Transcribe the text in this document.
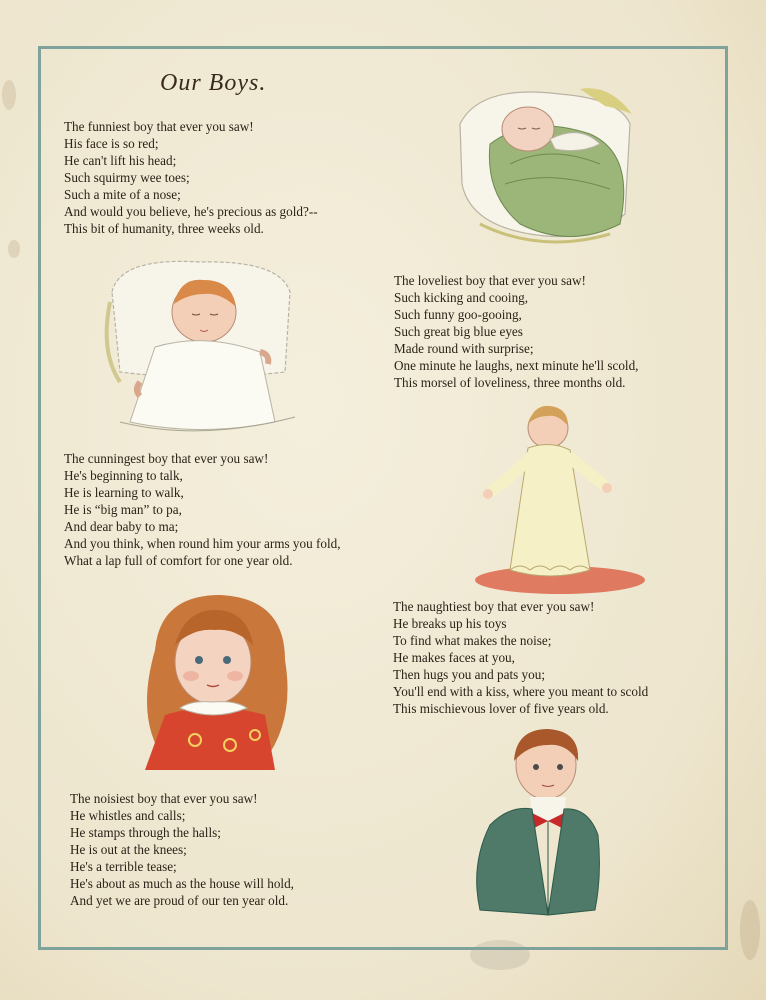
Our Boys.
The funniest boy that ever you saw!
His face is so red;
He can't lift his head;
Such squirmy wee toes;
Such a mite of a nose;
And would you believe, he's precious as gold?--
This bit of humanity, three weeks old.
The loveliest boy that ever you saw!
Such kicking and cooing,
Such funny goo-gooing,
Such great big blue eyes
Made round with surprise;
One minute he laughs, next minute he'll scold,
This morsel of loveliness, three months old.
The cunningest boy that ever you saw!
He's beginning to talk,
He is learning to walk,
He is “big man” to pa,
And dear baby to ma;
And you think, when round him your arms you fold,
What a lap full of comfort for one year old.
The naughtiest boy that ever you saw!
He breaks up his toys
To find what makes the noise;
He makes faces at you,
Then hugs you and pats you;
You'll end with a kiss, where you meant to scold
This mischievous lover of five years old.
The noisiest boy that ever you saw!
He whistles and calls;
He stamps through the halls;
He is out at the knees;
He's a terrible tease;
He's about as much as the house will hold,
And yet we are proud of our ten year old.
